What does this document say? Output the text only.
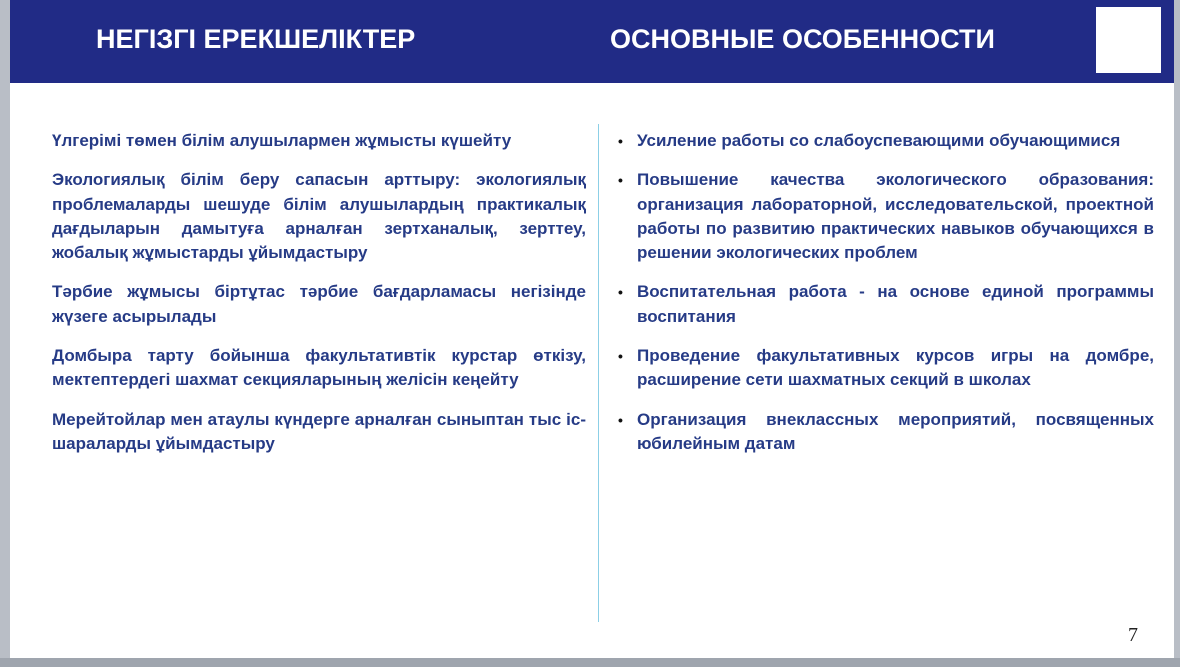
НЕГІЗГІ ЕРЕКШЕЛІКТЕР	ОСНОВНЫЕ ОСОБЕННОСТИ
Үлгерімі төмен білім алушылармен жұмысты күшейту	•
Экологиялық білім беру сапасын арттыру: экологиялық проблемаларды шешуде білім алушылардың практикалық дағдыларын дамытуға арналған зертханалық, зерттеу, жобалық жұмыстарды ұйымдастыру
•
Тәрбие жұмысы біртұтас тәрбие бағдарламасы негізінде жүзеге асырылады
•
Домбыра тарту бойынша факультативтік курстар өткізу, мектептердегі шахмат секцияларының желісін кеңейту
•
Мерейтойлар мен атаулы күндерге арналған сыныптан тыс іс-шараларды ұйымдастыру
•
Усиление работы со слабоуспевающими обучающимися
Повышение качества экологического образования: организация лабораторной, исследовательской, проектной работы по развитию практических навыков обучающихся в решении экологических проблем
Воспитательная работа - на основе единой программы воспитания
Проведение факультативных курсов игры на домбре, расширение сети шахматных секций в школах
Организация внеклассных мероприятий, посвященных юбилейным датам
7
